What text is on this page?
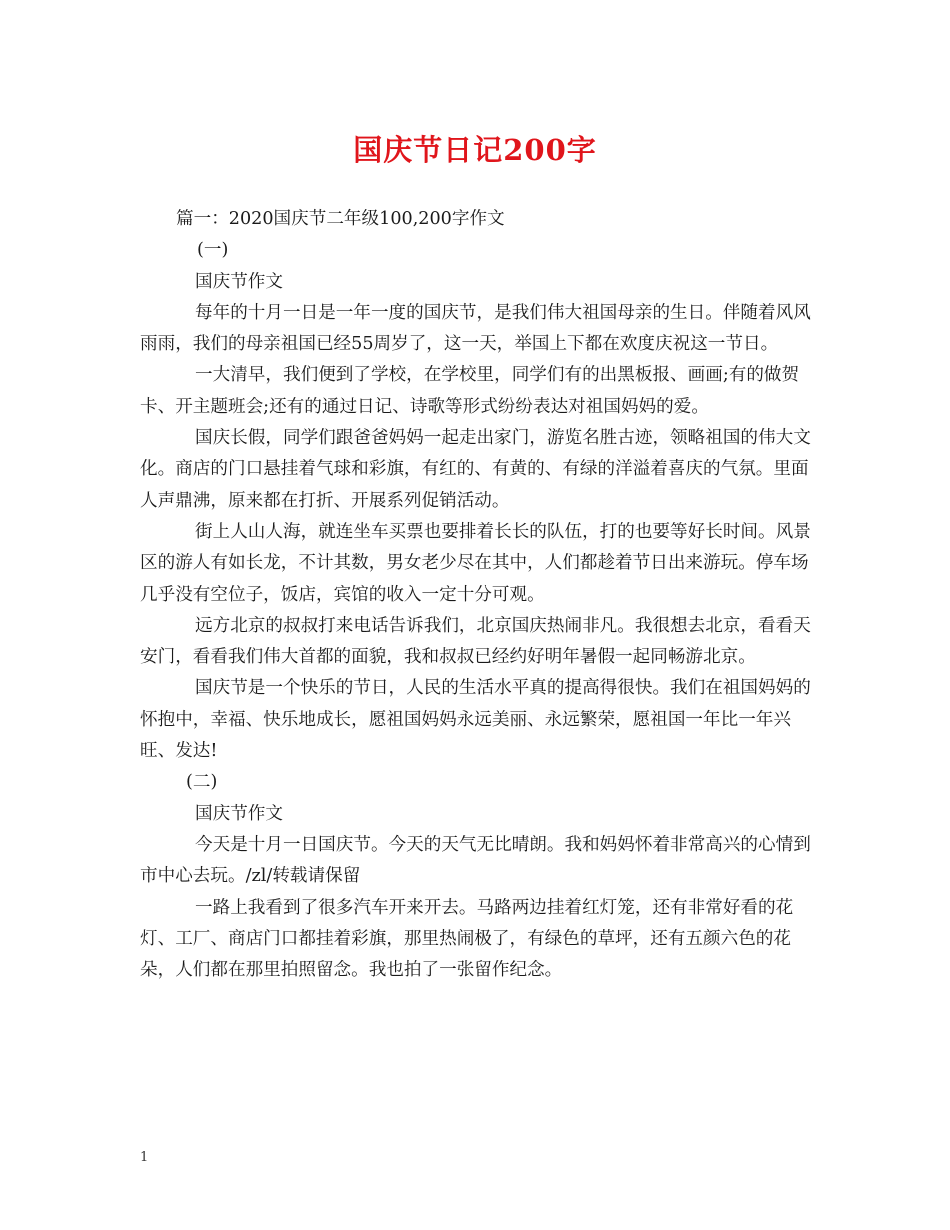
国庆节日记200字

篇一：2020国庆节二年级100,200字作文

(一)

国庆节作文

每年的十月一日是一年一度的国庆节，是我们伟大祖国母亲的生日。伴随着风风雨雨，我们的母亲祖国已经55周岁了，这一天，举国上下都在欢度庆祝这一节日。

一大清早，我们便到了学校，在学校里，同学们有的出黑板报、画画;有的做贺卡、开主题班会;还有的通过日记、诗歌等形式纷纷表达对祖国妈妈的爱。

国庆长假，同学们跟爸爸妈妈一起走出家门，游览名胜古迹，领略祖国的伟大文化。商店的门口悬挂着气球和彩旗，有红的、有黄的、有绿的洋溢着喜庆的气氛。里面人声鼎沸，原来都在打折、开展系列促销活动。

街上人山人海，就连坐车买票也要排着长长的队伍，打的也要等好长时间。风景区的游人有如长龙，不计其数，男女老少尽在其中，人们都趁着节日出来游玩。停车场几乎没有空位子，饭店，宾馆的收入一定十分可观。

远方北京的叔叔打来电话告诉我们，北京国庆热闹非凡。我很想去北京，看看天安门，看看我们伟大首都的面貌，我和叔叔已经约好明年暑假一起同畅游北京。

国庆节是一个快乐的节日，人民的生活水平真的提高得很快。我们在祖国妈妈的怀抱中，幸福、快乐地成长，愿祖国妈妈永远美丽、永远繁荣，愿祖国一年比一年兴旺、发达!

(二)

国庆节作文

今天是十月一日国庆节。今天的天气无比晴朗。我和妈妈怀着非常高兴的心情到市中心去玩。/zl/转载请保留

一路上我看到了很多汽车开来开去。马路两边挂着红灯笼，还有非常好看的花灯、工厂、商店门口都挂着彩旗，那里热闹极了，有绿色的草坪，还有五颜六色的花朵，人们都在那里拍照留念。我也拍了一张留作纪念。

1
